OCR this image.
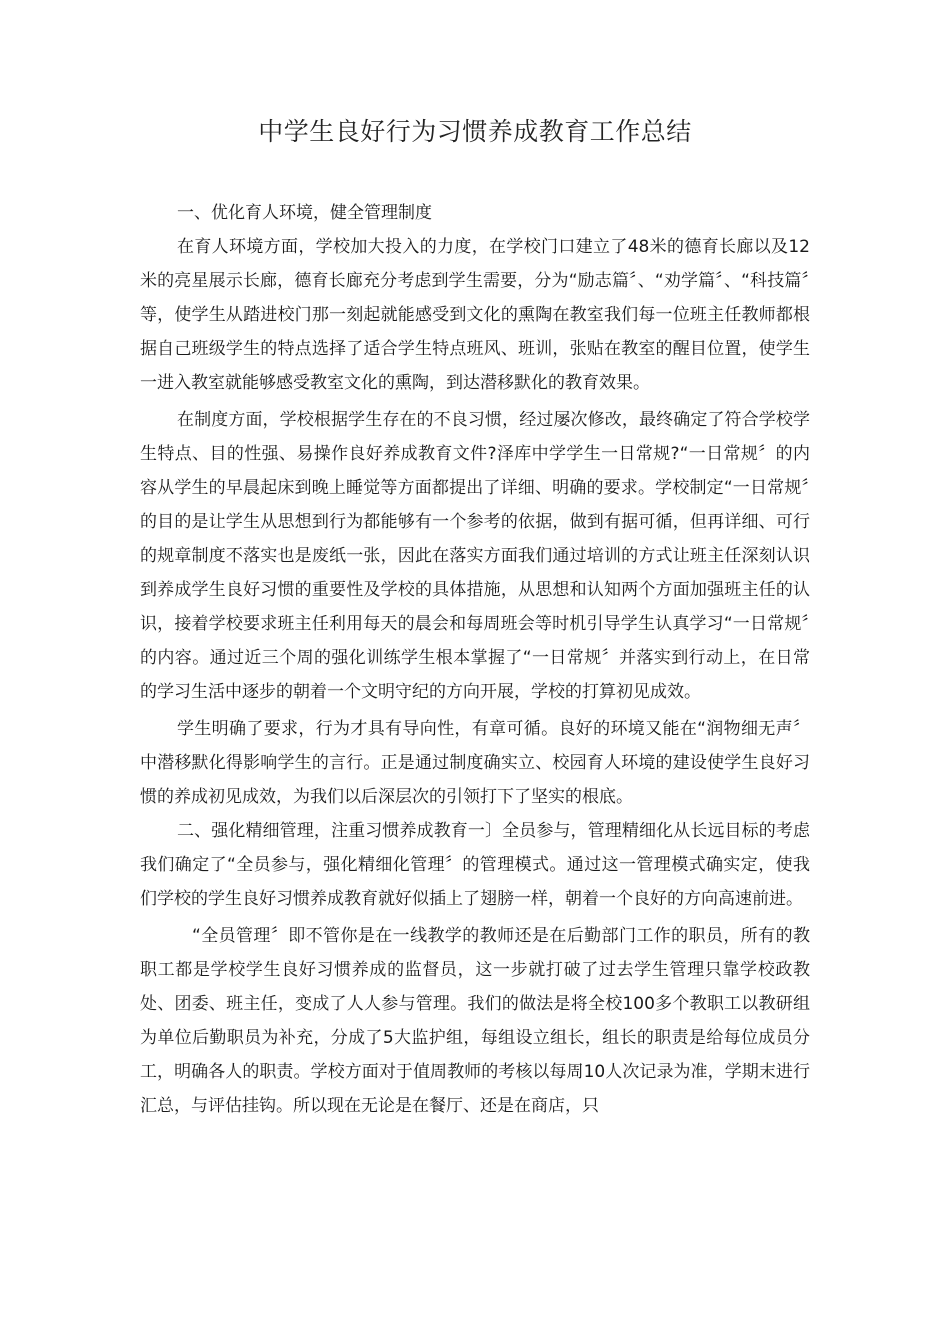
中学生良好行为习惯养成教育工作总结

一、优化育人环境，健全管理制度

在育人环境方面，学校加大投入的力度，在学校门口建立了48米的德育长廊以及12米的亮星展示长廊，德育长廊充分考虑到学生需要，分为“励志篇〞、“劝学篇〞、“科技篇〞等，使学生从踏进校门那一刻起就能感受到文化的熏陶在教室我们每一位班主任教师都根据自己班级学生的特点选择了适合学生特点班风、班训，张贴在教室的醒目位置，使学生一进入教室就能够感受教室文化的熏陶，到达潜移默化的教育效果。

在制度方面，学校根据学生存在的不良习惯，经过屡次修改，最终确定了符合学校学生特点、目的性强、易操作良好养成教育文件?泽库中学学生一日常规?“一日常规〞的内容从学生的早晨起床到晚上睡觉等方面都提出了详细、明确的要求。学校制定“一日常规〞的目的是让学生从思想到行为都能够有一个参考的依据，做到有据可循，但再详细、可行的规章制度不落实也是废纸一张，因此在落实方面我们通过培训的方式让班主任深刻认识到养成学生良好习惯的重要性及学校的具体措施，从思想和认知两个方面加强班主任的认识，接着学校要求班主任利用每天的晨会和每周班会等时机引导学生认真学习“一日常规〞的内容。通过近三个周的强化训练学生根本掌握了“一日常规〞并落实到行动上，在日常的学习生活中逐步的朝着一个文明守纪的方向开展，学校的打算初见成效。

学生明确了要求，行为才具有导向性，有章可循。良好的环境又能在“润物细无声〞中潜移默化得影响学生的言行。正是通过制度确实立、校园育人环境的建设使学生良好习惯的养成初见成效，为我们以后深层次的引领打下了坚实的根底。

二、强化精细管理，注重习惯养成教育一〕全员参与，管理精细化从长远目标的考虑我们确定了“全员参与，强化精细化管理〞的管理模式。通过这一管理模式确实定，使我们学校的学生良好习惯养成教育就好似插上了翅膀一样，朝着一个良好的方向高速前进。

“全员管理〞即不管你是在一线教学的教师还是在后勤部门工作的职员，所有的教职工都是学校学生良好习惯养成的监督员，这一步就打破了过去学生管理只靠学校政教处、团委、班主任，变成了人人参与管理。我们的做法是将全校100多个教职工以教研组为单位后勤职员为补充，分成了5大监护组，每组设立组长，组长的职责是给每位成员分工，明确各人的职责。学校方面对于值周教师的考核以每周10人次记录为准，学期末进行汇总，与评估挂钩。所以现在无论是在餐厅、还是在商店，只
